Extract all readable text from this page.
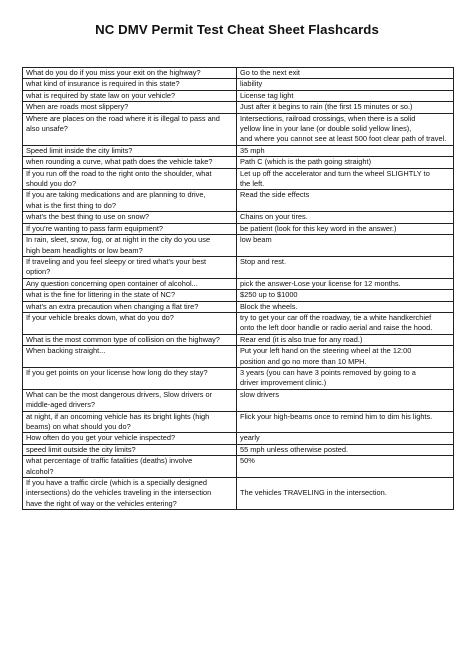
NC DMV Permit Test Cheat Sheet Flashcards
What do you do if you miss your exit on the highway?	Go to the next exit
what kind of insurance is required in this state?	liability
what is required by state law on your vehicle?	License tag light
When are roads most slippery?	Just after it begins to rain (the first 15 minutes or so.)
Where are places on the road where it is illegal to pass and	Intersections, railroad crossings, when there is a solid
also unsafe?	yellow line in your lane (or double solid yellow lines),
	and where you cannot see at least 500 foot clear path of travel.
Speed limit inside the city limits?	35 mph
when rounding a curve, what path does the vehicle take?	Path C (which is the path going straight)
If you run off the road to the right onto the shoulder, what	Let up off the accelerator and turn the wheel SLIGHTLY to
should you do?	the left.
If you are taking medications and are planning to drive,	Read the side effects
what is the first thing to do?	
what's the best thing to use on snow?	Chains on your tires.
If you're wanting to pass farm equipment?	be patient (look for this key word in the answer.)
In rain, sleet, snow, fog, or at night in the city do you use	low beam
high beam headlights or low beam?	
If traveling and you feel sleepy or tired what's your best	Stop and rest.
option?	
Any question concerning open container of alcohol...	pick the answer-Lose your license for 12 months.
what is the fine for littering in the state of NC?	$250 up to $1000
what's an extra precaution when changing a flat tire?	Block the wheels.
If your vehicle breaks down, what do you do?	try to get your car off the roadway, tie a white handkerchief
	onto the left door handle or radio aerial and raise the hood.
What is the most common type of collision on the highway?	Rear end (it is also true for any road.)
When backing straight...	Put your left hand on the steering wheel at the 12:00
	position and go no more than 10 MPH.
If you get points on your license how long do they stay?	3 years (you can have 3 points removed by going to a
	driver improvement clinic.)
What can be the most dangerous drivers, Slow drivers or	slow drivers
middle-aged drivers?	
at night, if an oncoming vehicle has its bright lights (high	Flick your high-beams once to remind him to dim his lights.
beams) on what should you do?	
How often do you get your vehicle inspected?	yearly
speed limit outside the city limits?	55 mph unless otherwise posted.
what percentage of traffic fatalities (deaths) involve	50%
alcohol?	
If you have a traffic circle (which is a specially designed	
intersections) do the vehicles traveling in the intersection	The vehicles TRAVELING in the intersection.
have the right of way or the vehicles entering?	
